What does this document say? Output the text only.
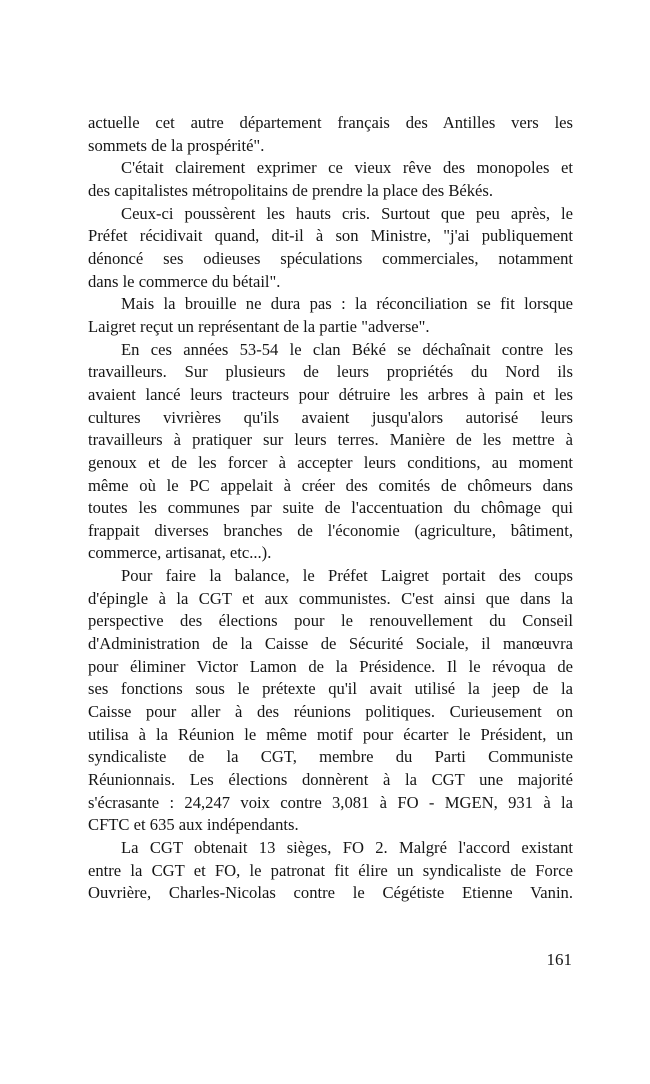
actuelle cet autre département français des Antilles vers les
sommets de la prospérité".
C'était clairement exprimer ce vieux rêve des monopoles et
des capitalistes métropolitains de prendre la place des Békés.
Ceux-ci poussèrent les hauts cris. Surtout que peu après, le
Préfet récidivait quand, dit-il à son Ministre, "j'ai publiquement
dénoncé ses odieuses spéculations commerciales, notamment
dans le commerce du bétail".
Mais la brouille ne dura pas : la réconciliation se fit lorsque
Laigret reçut un représentant de la partie "adverse".
En ces années 53-54 le clan Béké se déchaînait contre les
travailleurs. Sur plusieurs de leurs propriétés du Nord ils
avaient lancé leurs tracteurs pour détruire les arbres à pain et les
cultures vivrières qu'ils avaient jusqu'alors autorisé leurs
travailleurs à pratiquer sur leurs terres. Manière de les mettre à
genoux et de les forcer à accepter leurs conditions, au moment
même où le PC appelait à créer des comités de chômeurs dans
toutes les communes par suite de l'accentuation du chômage qui
frappait diverses branches de l'économie (agriculture, bâtiment,
commerce, artisanat, etc...).
Pour faire la balance, le Préfet Laigret portait des coups
d'épingle à la CGT et aux communistes. C'est ainsi que dans la
perspective des élections pour le renouvellement du Conseil
d'Administration de la Caisse de Sécurité Sociale, il manœuvra
pour éliminer Victor Lamon de la Présidence. Il le révoqua de
ses fonctions sous le prétexte qu'il avait utilisé la jeep de la
Caisse pour aller à des réunions politiques. Curieusement on
utilisa à la Réunion le même motif pour écarter le Président, un
syndicaliste de la CGT, membre du Parti Communiste
Réunionnais. Les élections donnèrent à la CGT une majorité
s'écrasante : 24,247 voix contre 3,081 à FO - MGEN, 931 à la
CFTC et 635 aux indépendants.
La CGT obtenait 13 sièges, FO 2. Malgré l'accord existant
entre la CGT et FO, le patronat fit élire un syndicaliste de Force
Ouvrière, Charles-Nicolas contre le Cégétiste Etienne Vanin.
161
